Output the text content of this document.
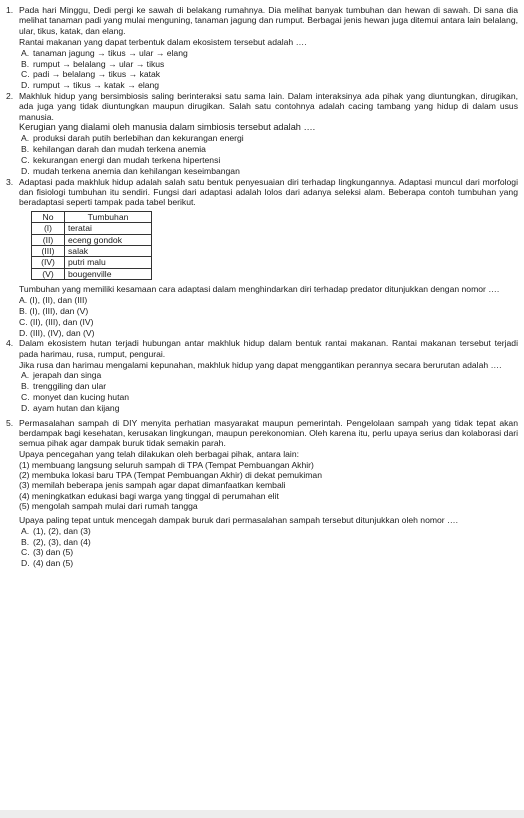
1. Pada hari Minggu, Dedi pergi ke sawah di belakang rumahnya. Dia melihat banyak tumbuhan dan hewan di sawah. Di sana dia melihat tanaman padi yang mulai menguning, tanaman jagung dan rumput. Berbagai jenis hewan juga ditemui antara lain belalang, ular, tikus, katak, dan elang.
Rantai makanan yang dapat terbentuk dalam ekosistem tersebut adalah ….
A. tanaman jagung → tikus → ular → elang
B. rumput → belalang → ular → tikus
C. padi → belalang → tikus → katak
D. rumput → tikus → katak → elang
2. Makhluk hidup yang bersimbiosis saling berinteraksi satu sama lain. Dalam interaksinya ada pihak yang diuntungkan, dirugikan, ada juga yang tidak diuntungkan maupun dirugikan. Salah satu contohnya adalah cacing tambang yang hidup di dalam usus manusia.
Kerugian yang dialami oleh manusia dalam simbiosis tersebut adalah ….
A. produksi darah putih berlebihan dan kekurangan energi
B. kehilangan darah dan mudah terkena anemia
C. kekurangan energi dan mudah terkena hipertensi
D. mudah terkena anemia dan kehilangan keseimbangan
3. Adaptasi pada makhluk hidup adalah salah satu bentuk penyesuaian diri terhadap lingkungannya. Adaptasi muncul dari morfologi dan fisiologi tumbuhan itu sendiri. Fungsi dari adaptasi adalah lolos dari adanya seleksi alam. Beberapa contoh tumbuhan yang beradaptasi seperti tampak pada tabel berikut.
No	Tumbuhan
(I)	teratai
(II)	eceng gondok
(III)	salak
(IV)	putri malu
(V)	bougenville
Tumbuhan yang memiliki kesamaan cara adaptasi dalam menghindarkan diri terhadap predator ditunjukkan dengan nomor ….
A. (I), (II), dan (III)
B. (I), (III), dan (V)
C. (II), (III), dan (IV)
D. (III), (IV), dan (V)
4. Dalam ekosistem hutan terjadi hubungan antar makhluk hidup dalam bentuk rantai makanan. Rantai makanan tersebut terjadi pada harimau, rusa, rumput, pengurai.
Jika rusa dan harimau mengalami kepunahan, makhluk hidup yang dapat menggantikan perannya secara berurutan adalah ….
A. jerapah dan singa
B. trenggiling dan ular
C. monyet dan kucing hutan
D. ayam hutan dan kijang
5. Permasalahan sampah di DIY menyita perhatian masyarakat maupun pemerintah. Pengelolaan sampah yang tidak tepat akan berdampak bagi kesehatan, kerusakan lingkungan, maupun perekonomian. Oleh karena itu, perlu upaya serius dan kolaborasi dari semua pihak agar dampak buruk tidak semakin parah.
Upaya pencegahan yang telah dilakukan oleh berbagai pihak, antara lain:
(1) membuang langsung seluruh sampah di TPA (Tempat Pembuangan Akhir)
(2) membuka lokasi baru TPA (Tempat Pembuangan Akhir) di dekat pemukiman
(3) memilah beberapa jenis sampah agar dapat dimanfaatkan kembali
(4) meningkatkan edukasi bagi warga yang tinggal di perumahan elit
(5) mengolah sampah mulai dari rumah tangga
Upaya paling tepat untuk mencegah dampak buruk dari permasalahan sampah tersebut ditunjukkan oleh nomor ….
A. (1), (2), dan (3)
B. (2), (3), dan (4)
C. (3) dan (5)
D. (4) dan (5)
